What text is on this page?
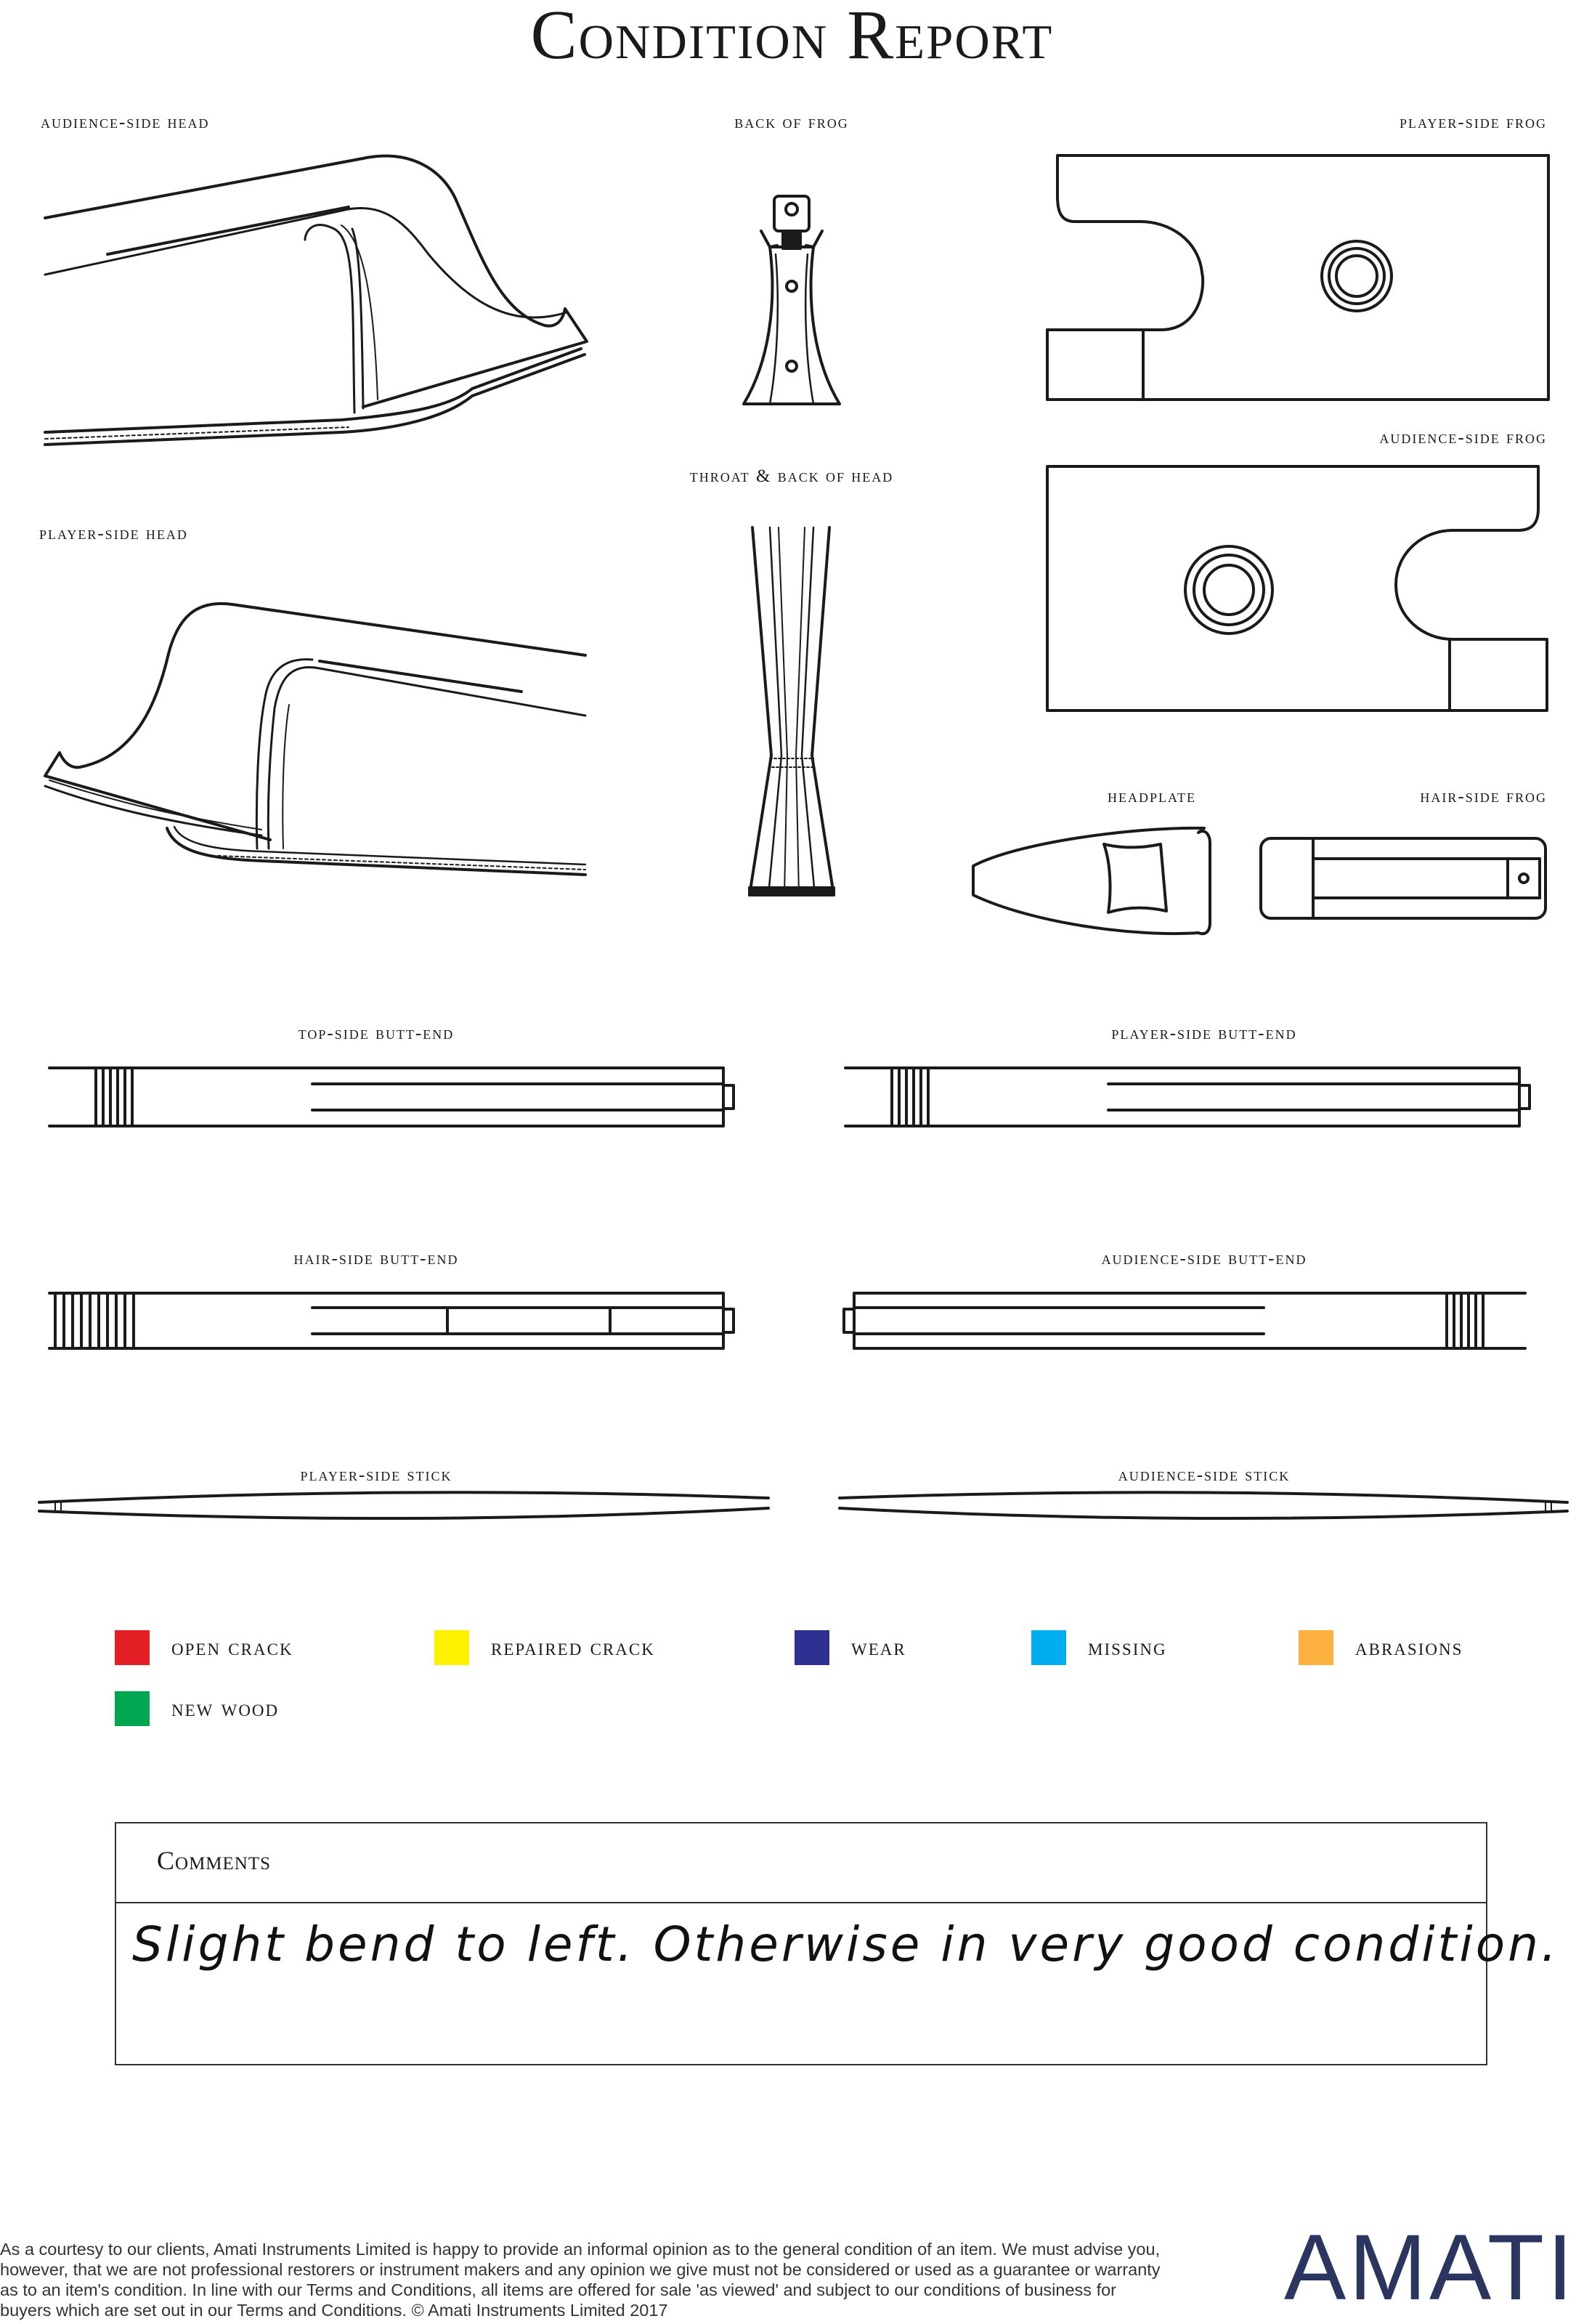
Condition Report
audience-side head	back of frog	player-side frog
audience-side frog
throat & back of head
player-side head
headplate	hair-side frog
top-side butt-end	player-side butt-end
hair-side butt-end	audience-side butt-end
player-side stick	audience-side stick
open crack	repaired crack	wear	missing	abrasions
new wood
Comments
Slight bend to left. Otherwise in very good condition.
As a courtesy to our clients, Amati Instruments Limited is happy to provide an informal opinion as to the general condition of an item. We must advise you, however, that we are not professional restorers or instrument makers and any opinion we give must not be considered or used as a guarantee or warranty as to an item's condition. In line with our Terms and Conditions, all items are offered for sale 'as viewed' and subject to our conditions of business for buyers which are set out in our Terms and Conditions. © Amati Instruments Limited 2017	AMATI
